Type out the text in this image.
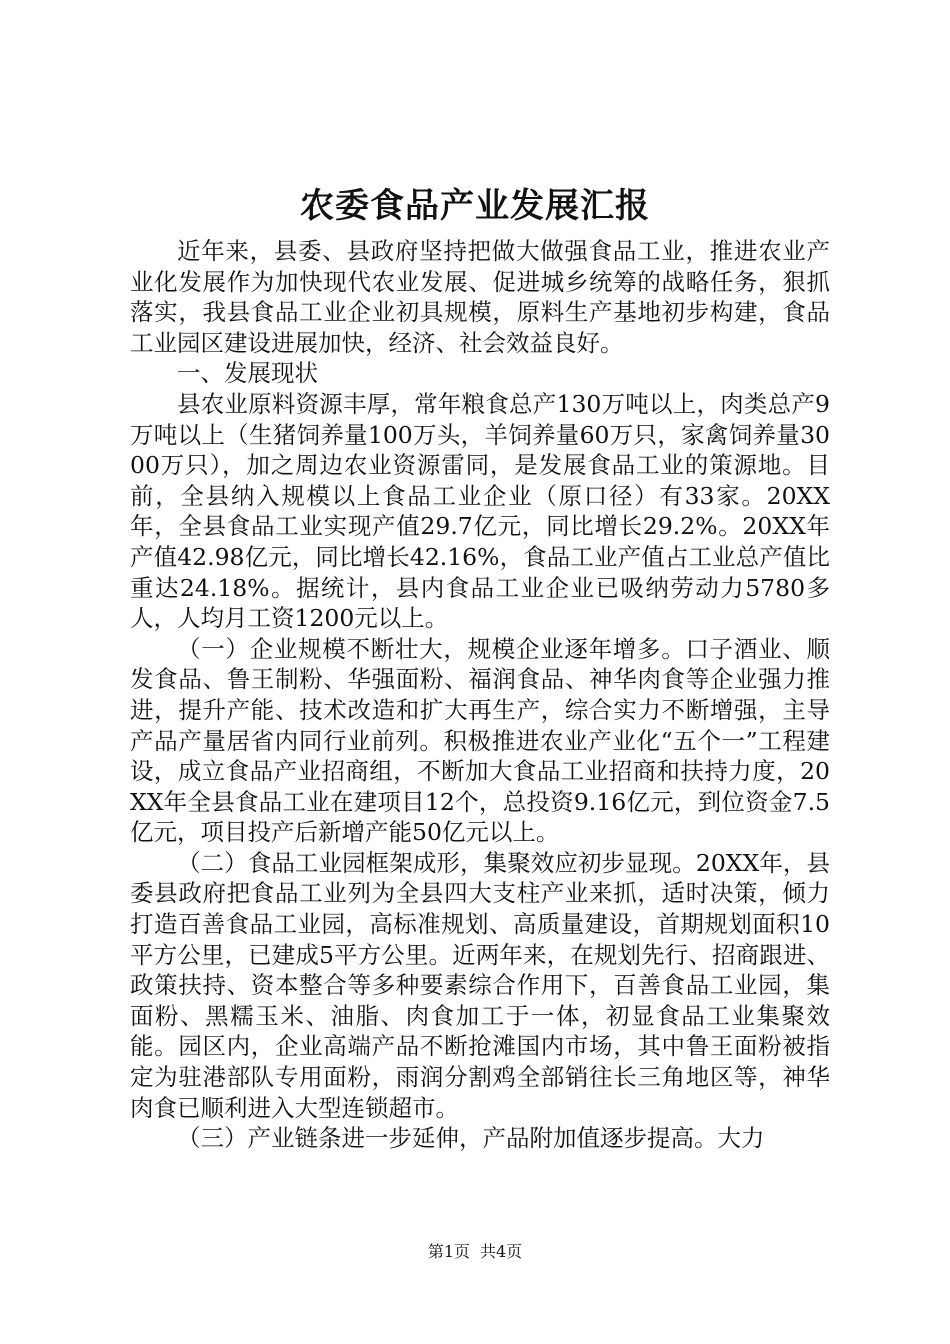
农委食品产业发展汇报

近年来，县委、县政府坚持把做大做强食品工业，推进农业产业化发展作为加快现代农业发展、促进城乡统筹的战略任务，狠抓落实，我县食品工业企业初具规模，原料生产基地初步构建，食品工业园区建设进展加快，经济、社会效益良好。

一、发展现状

县农业原料资源丰厚，常年粮食总产130万吨以上，肉类总产9万吨以上（生猪饲养量100万头，羊饲养量60万只，家禽饲养量3000万只），加之周边农业资源雷同，是发展食品工业的策源地。目前，全县纳入规模以上食品工业企业（原口径）有33家。20XX年，全县食品工业实现产值29.7亿元，同比增长29.2%。20XX年产值42.98亿元，同比增长42.16%，食品工业产值占工业总产值比重达24.18%。据统计，县内食品工业企业已吸纳劳动力5780多人，人均月工资1200元以上。

（一）企业规模不断壮大，规模企业逐年增多。口子酒业、顺发食品、鲁王制粉、华强面粉、福润食品、神华肉食等企业强力推进，提升产能、技术改造和扩大再生产，综合实力不断增强，主导产品产量居省内同行业前列。积极推进农业产业化“五个一”工程建设，成立食品产业招商组，不断加大食品工业招商和扶持力度，20XX年全县食品工业在建项目12个，总投资9.16亿元，到位资金7.5亿元，项目投产后新增产能50亿元以上。

（二）食品工业园框架成形，集聚效应初步显现。20XX年，县委县政府把食品工业列为全县四大支柱产业来抓，适时决策，倾力打造百善食品工业园，高标准规划、高质量建设，首期规划面积10平方公里，已建成5平方公里。近两年来，在规划先行、招商跟进、政策扶持、资本整合等多种要素综合作用下，百善食品工业园，集面粉、黑糯玉米、油脂、肉食加工于一体，初显食品工业集聚效能。园区内，企业高端产品不断抢滩国内市场，其中鲁王面粉被指定为驻港部队专用面粉，雨润分割鸡全部销往长三角地区等，神华肉食已顺利进入大型连锁超市。

（三）产业链条进一步延伸，产品附加值逐步提高。大力

第1页 共4页
